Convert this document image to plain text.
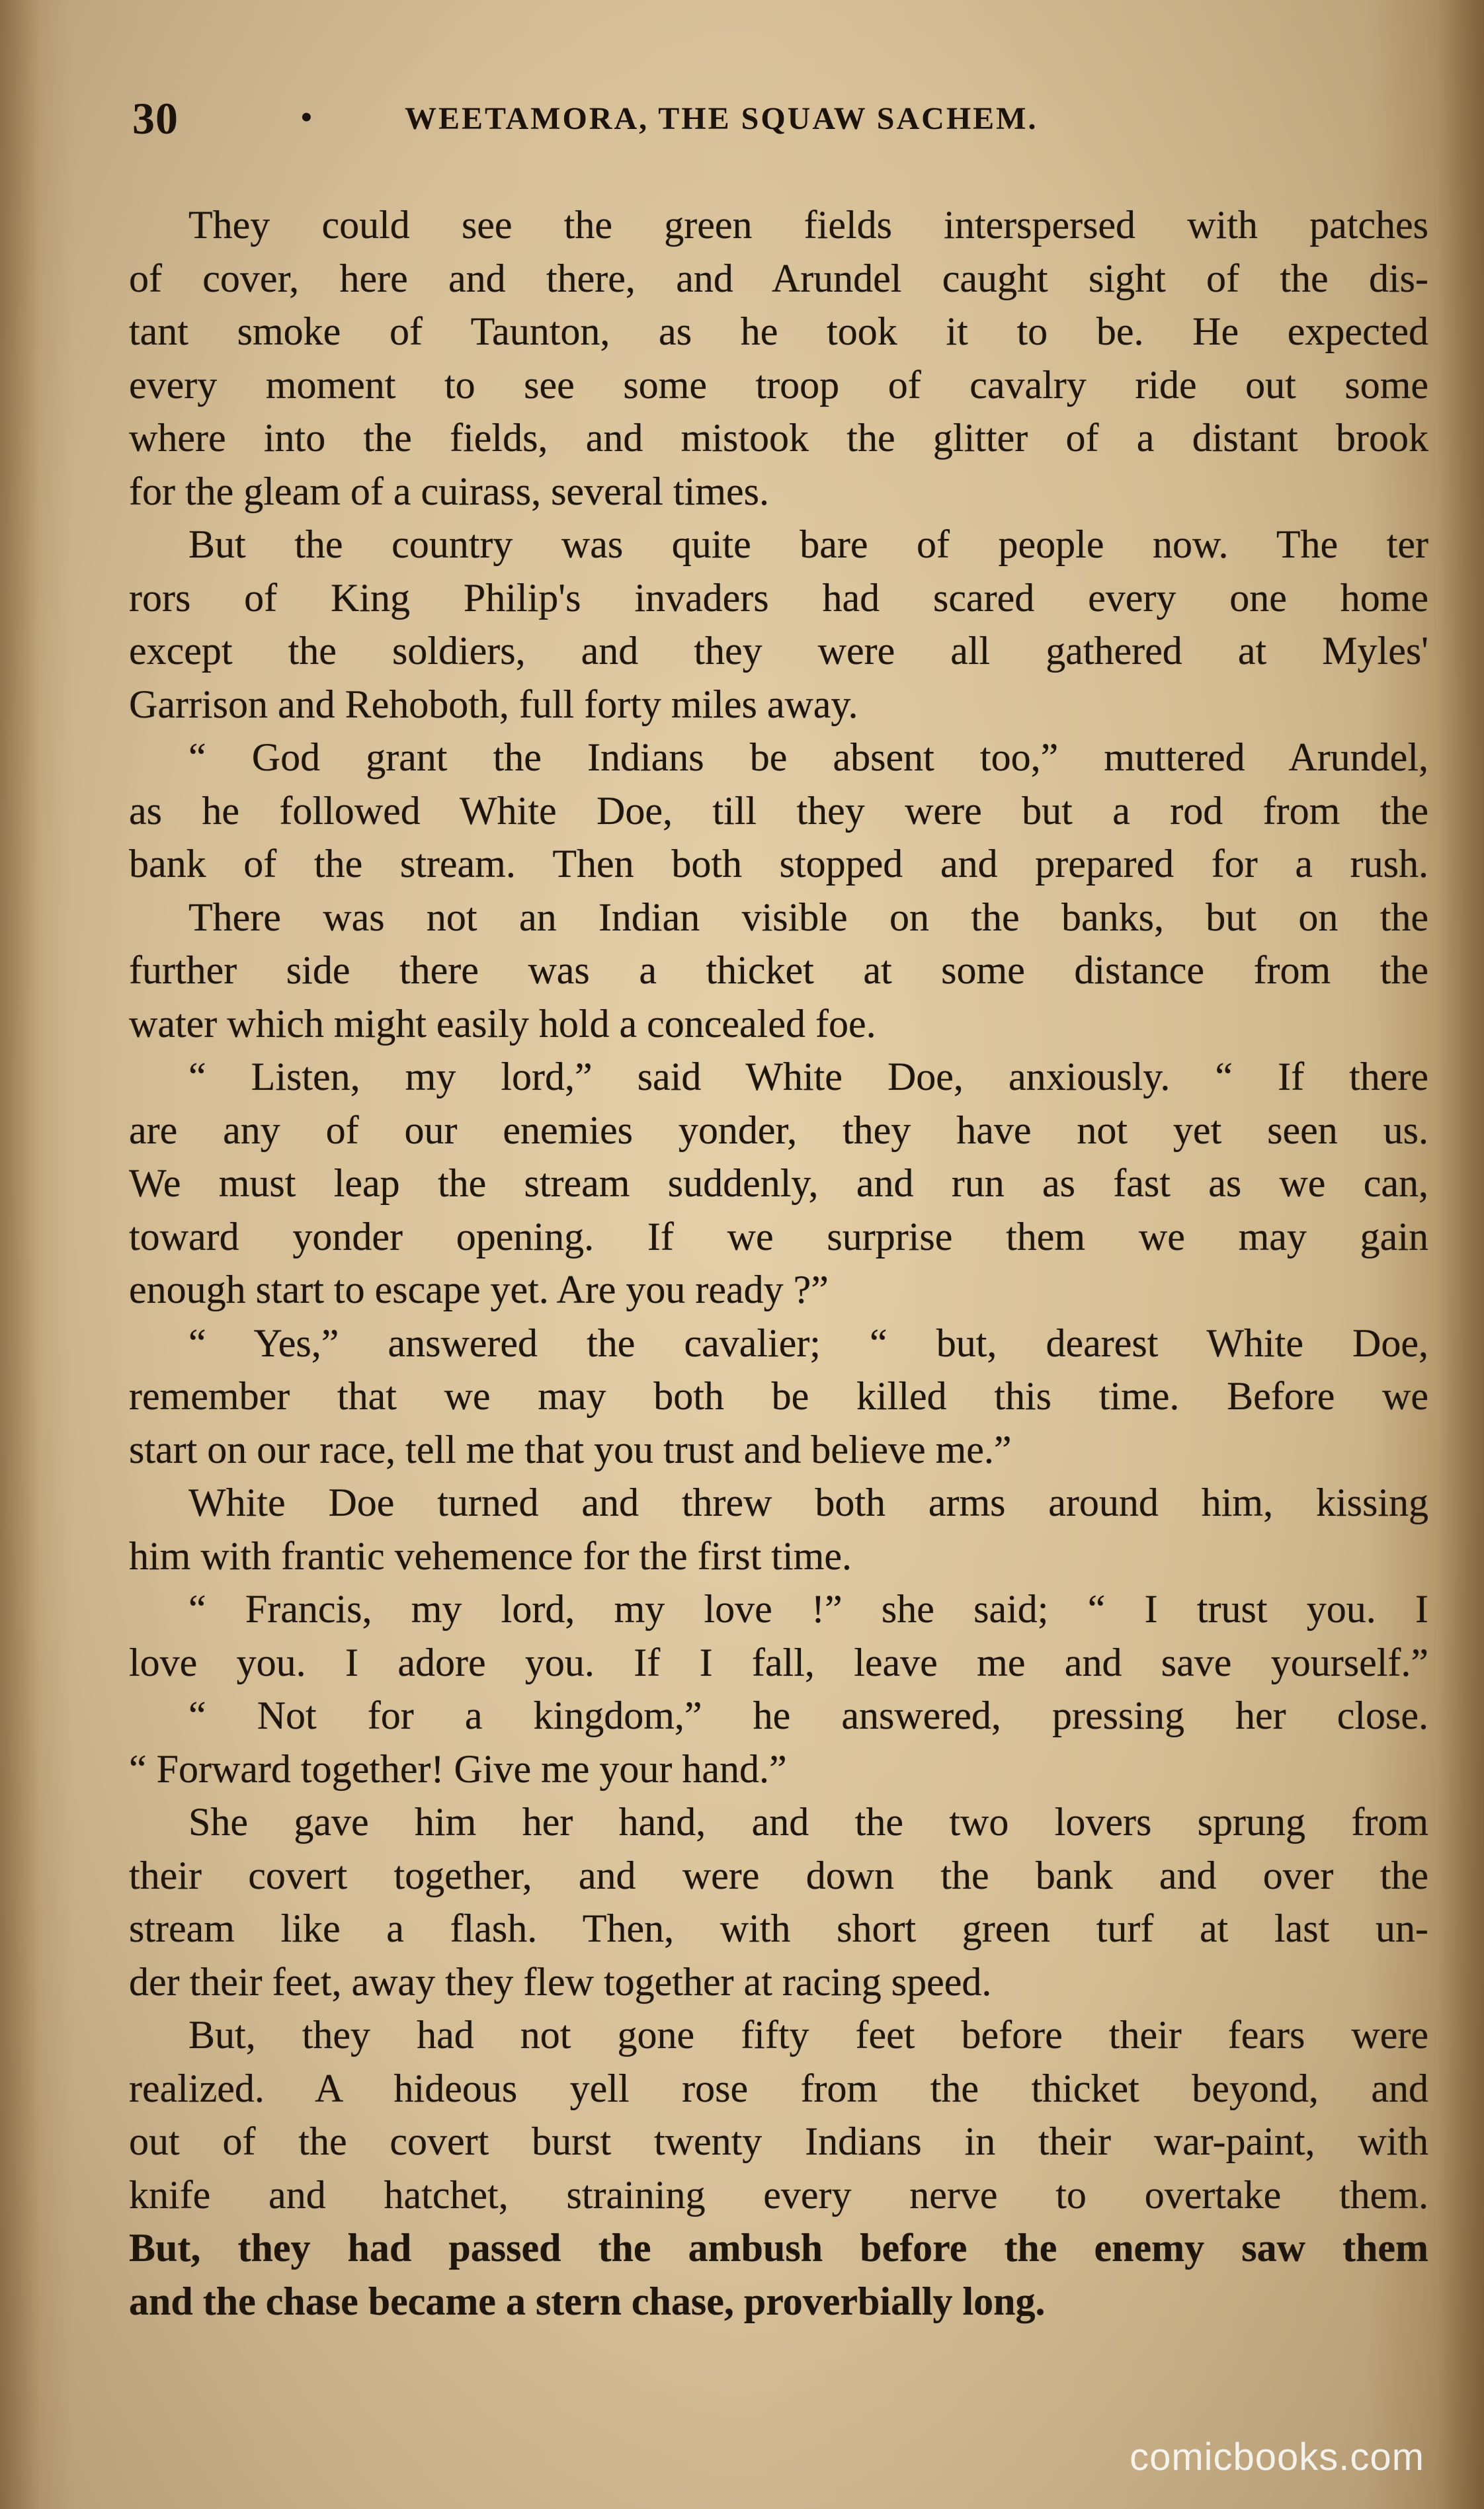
30	•	WEETAMORA, THE SQUAW SACHEM.
They could see the green fields interspersed with patches
of cover, here and there, and Arundel caught sight of the dis-
tant smoke of Taunton, as he took it to be. He expected
every moment to see some troop of cavalry ride out some
where into the fields, and mistook the glitter of a distant brook
for the gleam of a cuirass, several times.
But the country was quite bare of people now. The ter
rors of King Philip's invaders had scared every one home
except the soldiers, and they were all gathered at Myles'
Garrison and Rehoboth, full forty miles away.
“ God grant the Indians be absent too,” muttered Arundel,
as he followed White Doe, till they were but a rod from the
bank of the stream. Then both stopped and prepared for a rush.
There was not an Indian visible on the banks, but on the
further side there was a thicket at some distance from the
water which might easily hold a concealed foe.
“ Listen, my lord,” said White Doe, anxiously. “ If there
are any of our enemies yonder, they have not yet seen us.
We must leap the stream suddenly, and run as fast as we can,
toward yonder opening. If we surprise them we may gain
enough start to escape yet. Are you ready ?”
“ Yes,” answered the cavalier; “ but, dearest White Doe,
remember that we may both be killed this time. Before we
start on our race, tell me that you trust and believe me.”
White Doe turned and threw both arms around him, kissing
him with frantic vehemence for the first time.
“ Francis, my lord, my love !” she said; “ I trust you. I
love you. I adore you. If I fall, leave me and save yourself.”
“ Not for a kingdom,” he answered, pressing her close.
“ Forward together! Give me your hand.”
She gave him her hand, and the two lovers sprung from
their covert together, and were down the bank and over the
stream like a flash. Then, with short green turf at last un-
der their feet, away they flew together at racing speed.
But, they had not gone fifty feet before their fears were
realized. A hideous yell rose from the thicket beyond, and
out of the covert burst twenty Indians in their war-paint, with
knife and hatchet, straining every nerve to overtake them.
But, they had passed the ambush before the enemy saw them
and the chase became a stern chase, proverbially long.
comicbooks.com
